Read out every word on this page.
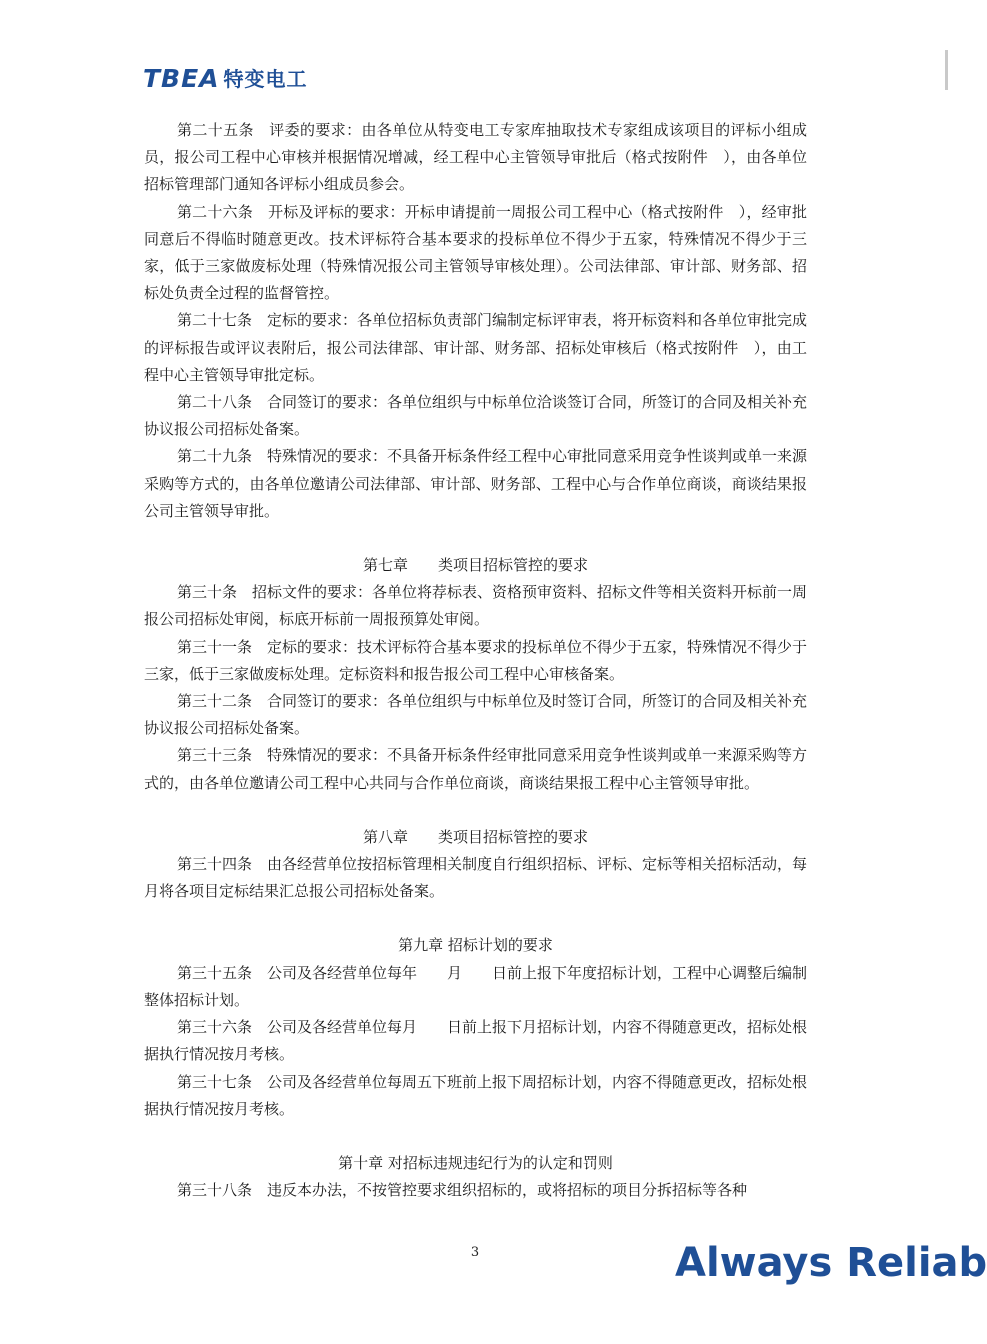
TBEA 特变电工

第二十五条　评委的要求：由各单位从特变电工专家库抽取技术专家组成该项目的评标小组成员，报公司工程中心审核并根据情况增减，经工程中心主管领导审批后（格式按附件　），由各单位招标管理部门通知各评标小组成员参会。

第二十六条　开标及评标的要求：开标申请提前一周报公司工程中心（格式按附件　），经审批同意后不得临时随意更改。技术评标符合基本要求的投标单位不得少于五家，特殊情况不得少于三家，低于三家做废标处理（特殊情况报公司主管领导审核处理）。公司法律部、审计部、财务部、招标处负责全过程的监督管控。

第二十七条　定标的要求：各单位招标负责部门编制定标评审表，将开标资料和各单位审批完成的评标报告或评议表附后，报公司法律部、审计部、财务部、招标处审核后（格式按附件　），由工程中心主管领导审批定标。

第二十八条　合同签订的要求：各单位组织与中标单位洽谈签订合同，所签订的合同及相关补充协议报公司招标处备案。

第二十九条　特殊情况的要求：不具备开标条件经工程中心审批同意采用竞争性谈判或单一来源采购等方式的，由各单位邀请公司法律部、审计部、财务部、工程中心与合作单位商谈，商谈结果报公司主管领导审批。

第七章　　类项目招标管控的要求

第三十条　招标文件的要求：各单位将荐标表、资格预审资料、招标文件等相关资料开标前一周报公司招标处审阅，标底开标前一周报预算处审阅。

第三十一条　定标的要求：技术评标符合基本要求的投标单位不得少于五家，特殊情况不得少于三家，低于三家做废标处理。定标资料和报告报公司工程中心审核备案。

第三十二条　合同签订的要求：各单位组织与中标单位及时签订合同，所签订的合同及相关补充协议报公司招标处备案。

第三十三条　特殊情况的要求：不具备开标条件经审批同意采用竞争性谈判或单一来源采购等方式的，由各单位邀请公司工程中心共同与合作单位商谈，商谈结果报工程中心主管领导审批。

第八章　　类项目招标管控的要求

第三十四条　由各经营单位按招标管理相关制度自行组织招标、评标、定标等相关招标活动，每月将各项目定标结果汇总报公司招标处备案。

第九章 招标计划的要求

第三十五条　公司及各经营单位每年　　月　　日前上报下年度招标计划，工程中心调整后编制整体招标计划。

第三十六条　公司及各经营单位每月　　日前上报下月招标计划，内容不得随意更改，招标处根据执行情况按月考核。

第三十七条　公司及各经营单位每周五下班前上报下周招标计划，内容不得随意更改，招标处根据执行情况按月考核。

第十章 对招标违规违纪行为的认定和罚则

第三十八条　违反本办法，不按管控要求组织招标的，或将招标的项目分拆招标等各种

3	Always Reliab
